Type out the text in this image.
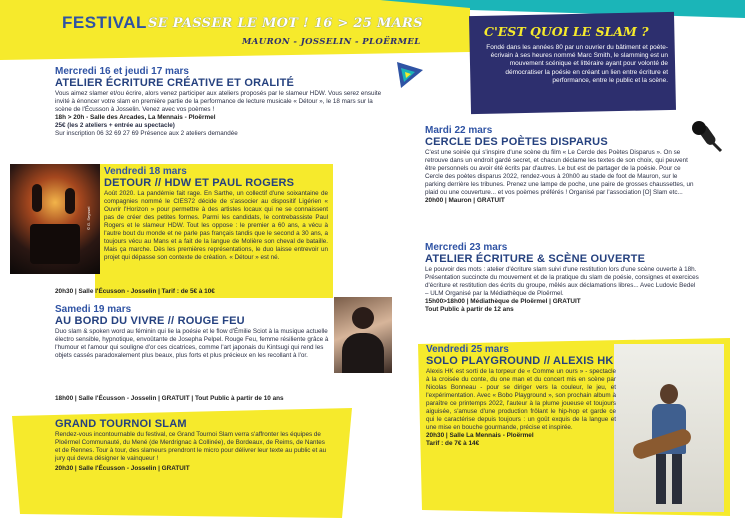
FESTIVAL SE PASSER LE MOT ! 16 > 25 MARS
MAURON - JOSSELIN - PLOËRMEL
C'EST QUOI LE SLAM ?
Fondé dans les années 80 par un ouvrier du bâtiment et poète-écrivain à ses heures nommé Marc Smith, le slamming est un mouvement scénique et littéraire ayant pour volonté de démocratiser la poésie en créant un lien entre écriture et performance, entre le public et la scène.
Mercredi 16 et jeudi 17 mars
ATELIER ÉCRITURE CRÉATIVE ET ORALITÉ
Vous aimez slamer et/ou écrire, alors venez participer aux ateliers proposés par le slameur HDW. Vous serez ensuite invité à énoncer votre slam en première partie de la performance de lecture musicale « Détour », le 18 mars sur la scène de l'Écusson à Josselin. Venez avec vos poèmes !
18h > 20h - Salle des Arcades, La Mennais - Ploërmel
25€ (les 2 ateliers + entrée au spectacle)
Sur inscription 06 32 69 27 69 Présence aux 2 ateliers demandée
© G. Seyssel
Vendredi 18 mars
DETOUR // HDW ET PAUL ROGERS
Août 2020. La pandémie fait rage. En Sarthe, un collectif d'une soixantaine de compagnies nommé le CIES72 décide de s'associer au dispositif Ligérien « Ouvrir l'Horizon » pour permettre à des artistes locaux qui ne se connaissent pas de créer des petites formes. Parmi les candidats, le contrebassiste Paul Rogers et le slameur HDW. Tout les oppose : le premier a 60 ans, a vécu à l'autre bout du monde et ne parle pas français tandis que le second a 30 ans, a toujours vécu au Mans et a fait de la langue de Molière son cheval de bataille. Mais ça marche. Dès les premières représentations, le duo laisse entrevoir un projet qui dépasse son contexte de création. « Détour » est né.
20h30 | Salle l'Écusson - Josselin | Tarif : de 5€ à 10€
Samedi 19 mars
AU BORD DU VIVRE // ROUGE FEU
Duo slam & spoken word au féminin qui lie la poésie et le flow d'Émilie Sciot à la musique actuelle électro sensible, hypnotique, envoûtante de Josepha Pelpel. Rouge Feu, femme résiliente grâce à l'humour et l'amour qui souligne d'or ces cicatrices, comme l'art japonais du Kintsugi qui rend les objets cassés paradoxalement plus beaux, plus forts et plus précieux en les recollant à l'or.
18h00 | Salle l'Écusson - Josselin | GRATUIT | Tout Public à partir de 10 ans
GRAND TOURNOI SLAM
Rendez-vous incontournable du festival, ce Grand Tournoi Slam verra s'affronter les équipes de Ploërmel Communauté, du Mené (de Merdrignac à Collinée), de Bordeaux, de Reims, de Nantes et de Rennes. Tour à tour, des slameurs prendront le micro pour délivrer leur texte au public et au jury qui devra désigner le vainqueur !
20h30 | Salle l'Écusson - Josselin | GRATUIT
Mardi 22 mars
CERCLE DES POÈTES DISPARUS
C'est une soirée qui s'inspire d'une scène du film « Le Cercle des Poètes Disparus ». On se retrouve dans un endroit gardé secret, et chacun déclame les textes de son choix, qui peuvent être personnels ou avoir été écrits par d'autres. Le but est de partager de la poésie. Pour ce Cercle des poètes disparus 2022, rendez-vous à 20h00 au stade de foot de Mauron, sur le parking derrière les tribunes. Prenez une lampe de poche, une paire de grosses chaussettes, un plaid ou une couverture... et vos poèmes préférés ! Organisé par l'association [O] Slam etc...
20h00 | Mauron | GRATUIT
Mercredi 23 mars
ATELIER ÉCRITURE & SCÈNE OUVERTE
Le pouvoir des mots : atelier d'écriture slam suivi d'une restitution lors d'une scène ouverte à 18h. Présentation succincte du mouvement et de la pratique du slam de poésie, consignes et exercices d'écriture et restitution des écrits du groupe, mêlés aux déclamations libres... Avec Ludovic Bedel – ULM Organisé par la Médiathèque de Ploërmel.
15h00>18h00 | Médiathèque de Ploërmel | GRATUIT
Tout Public à partir de 12 ans
Vendredi 25 mars
SOLO PLAYGROUND // ALEXIS HK
Alexis HK est sorti de la torpeur de « Comme un ours » - spectacle à la croisée du conte, du one man et du concert mis en scène par Nicolas Bonneau - pour se diriger vers la couleur, le jeu, et l'expérimentation. Avec « Bobo Playground », son prochain album à paraître ce printemps 2022, l'auteur à la plume joueuse et toujours aiguisée, s'amuse d'une production frôlant le hip-hop et garde ce qui le caractérise depuis toujours : un goût exquis de la langue et une mise en bouche gourmande, précise et inspirée.
20h30 | Salle La Mennais - Ploërmel
Tarif : de 7€ à 14€
